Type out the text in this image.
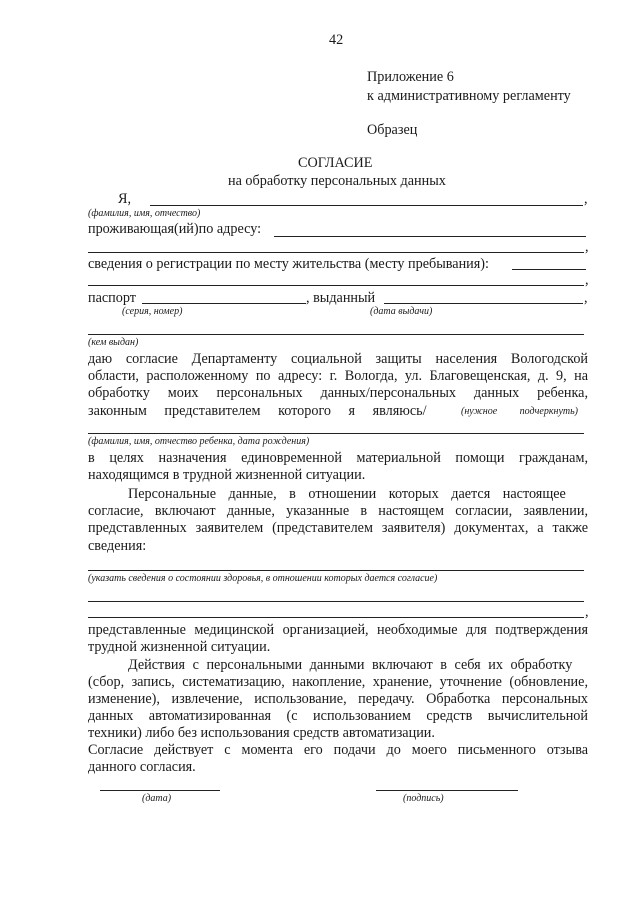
42
Приложение 6
к административному регламенту
Образец
СОГЛАСИЕ
на обработку персональных данных
Я,	,
(фамилия, имя, отчество)
проживающая(ий)по адресу:
,
сведения о регистрации по месту жительства (месту пребывания):
,
паспорт	, выданный	,
(серия, номер)	(дата выдачи)
(кем выдан)
даю согласие Департаменту социальной защиты населения Вологодской
области, расположенному по адресу: г. Вологда, ул. Благовещенская, д. 9, на
обработку моих персональных данных/персональных данных ребенка,
законным представителем которого я являюсь/	(нужное подчеркнуть)
(фамилия, имя, отчество ребенка, дата рождения)
в целях назначения единовременной материальной помощи гражданам,
находящимся в трудной жизненной ситуации.
Персональные данные, в отношении которых дается настоящее
согласие, включают данные, указанные в настоящем согласии, заявлении,
представленных заявителем (представителем заявителя) документах, а также
сведения:
(указать сведения о состоянии здоровья, в отношении которых дается согласие)
,
представленные медицинской организацией, необходимые для подтверждения
трудной жизненной ситуации.
Действия с персональными данными включают в себя их обработку
(сбор, запись, систематизацию, накопление, хранение, уточнение (обновление,
изменение), извлечение, использование, передачу. Обработка персональных
данных автоматизированная (с использованием средств вычислительной
техники) либо без использования средств автоматизации.
Согласие действует с момента его подачи до моего письменного отзыва
данного согласия.
(дата)	(подпись)
